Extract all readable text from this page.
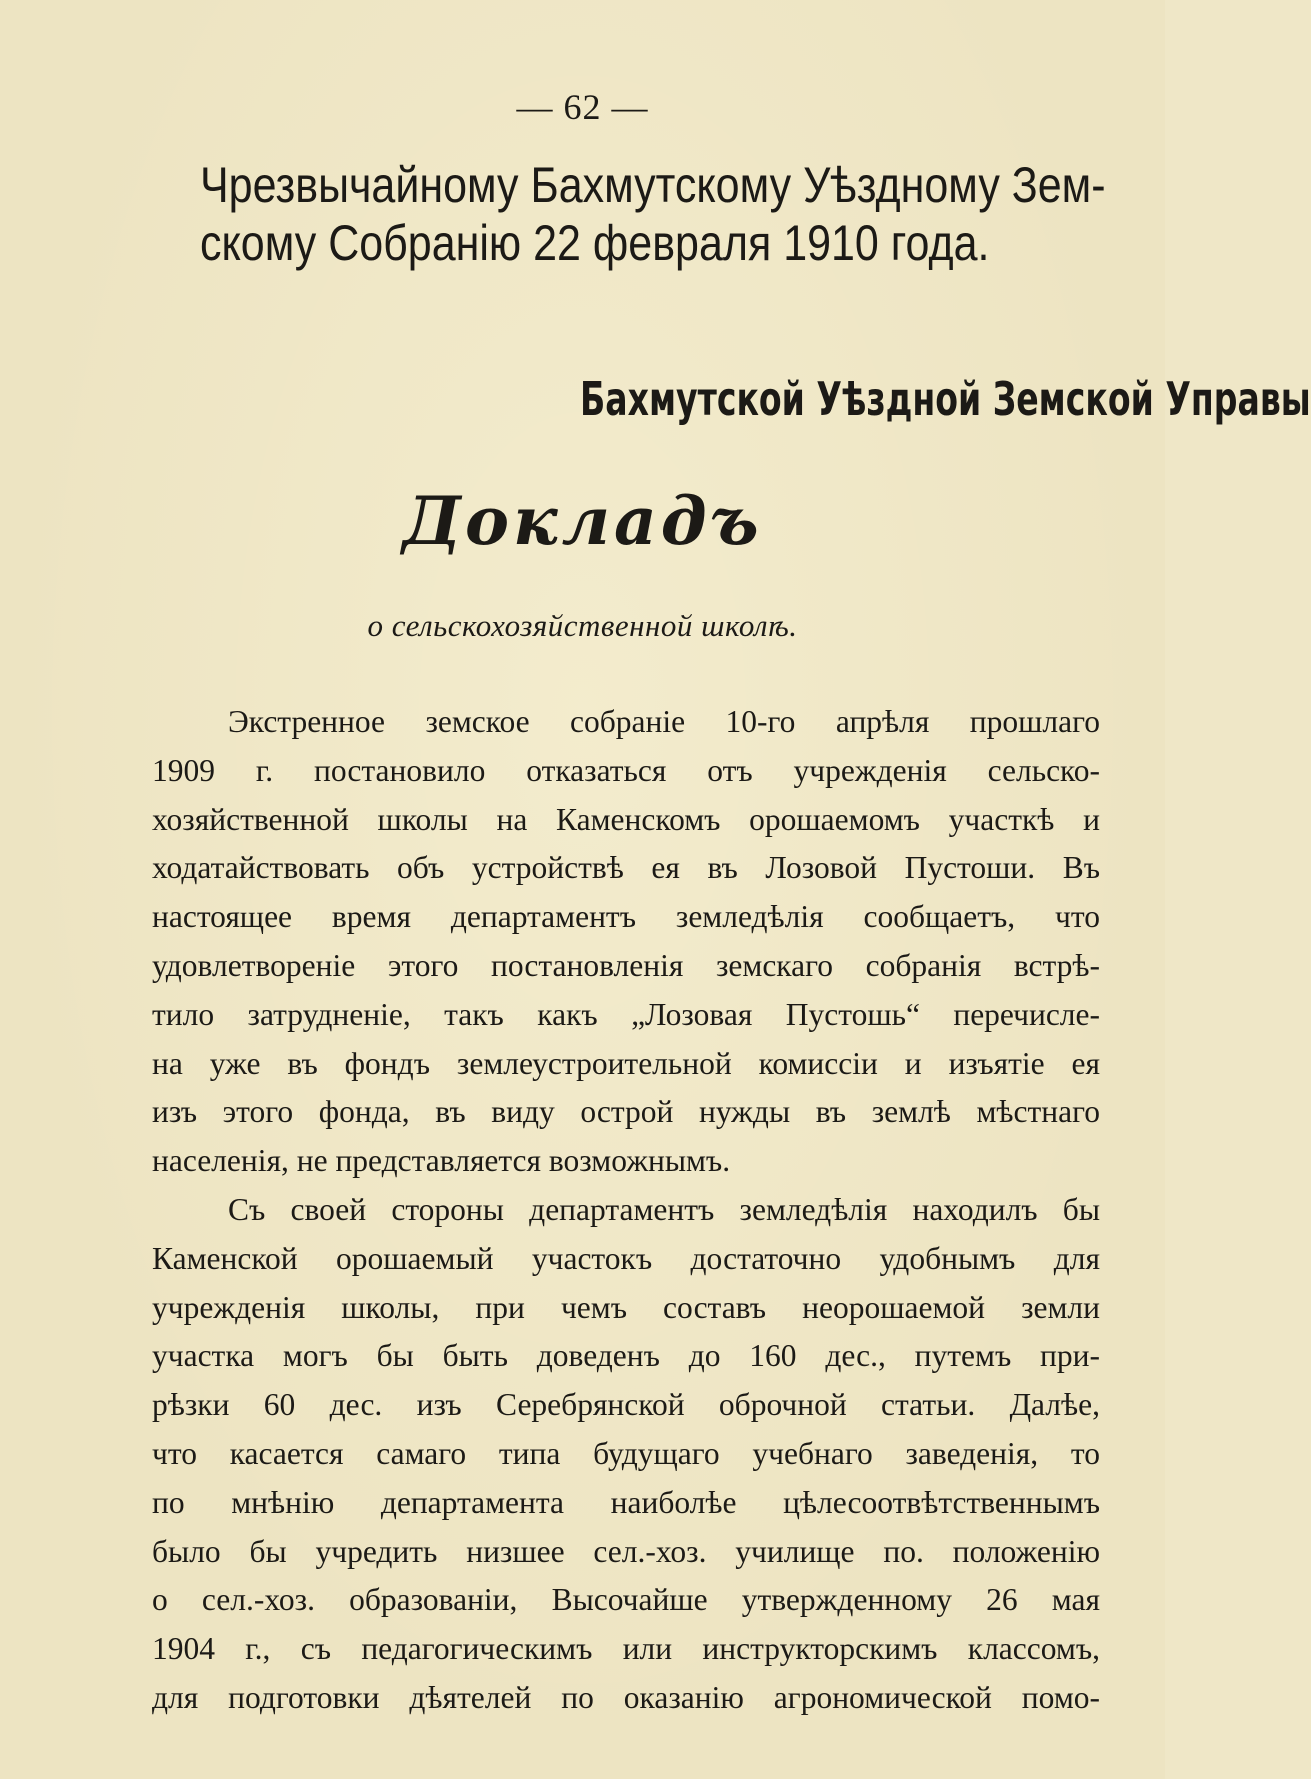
— 62 —
Чрезвычайному Бахмутскому Уѣздному Зем-
скому Собранію 22 февраля 1910 года.
Бахмутской Уѣздной Земской Управы
Докладъ
о сельскохозяйственной школѣ.
Экстренное земское собраніе 10-го апрѣля прошлаго
1909 г. постановило отказаться отъ учрежденія сельско-
хозяйственной школы на Каменскомъ орошаемомъ участкѣ и
ходатайствовать объ устройствѣ ея въ Лозовой Пустоши. Въ
настоящее время департаментъ земледѣлія сообщаетъ, что
удовлетвореніе этого постановленія земскаго собранія встрѣ-
тило затрудненіе, такъ какъ „Лозовая Пустошь“ перечисле-
на уже въ фондъ землеустроительной комиссіи и изъятіе ея
изъ этого фонда, въ виду острой нужды въ землѣ мѣстнаго
населенія, не представляется возможнымъ.
Съ своей стороны департаментъ земледѣлія находилъ бы
Каменской орошаемый участокъ достаточно удобнымъ для
учрежденія школы, при чемъ составъ неорошаемой земли
участка могъ бы быть доведенъ до 160 дес., путемъ при-
рѣзки 60 дес. изъ Серебрянской оброчной статьи. Далѣе,
что касается самаго типа будущаго учебнаго заведенія, то
по мнѣнію департамента наиболѣе цѣлесоотвѣтственнымъ
было бы учредить низшее сел.-хоз. училище по. положенію
о сел.-хоз. образованіи, Высочайше утвержденному 26 мая
1904 г., съ педагогическимъ или инструкторскимъ классомъ,
для подготовки дѣятелей по оказанію агрономической помо-
